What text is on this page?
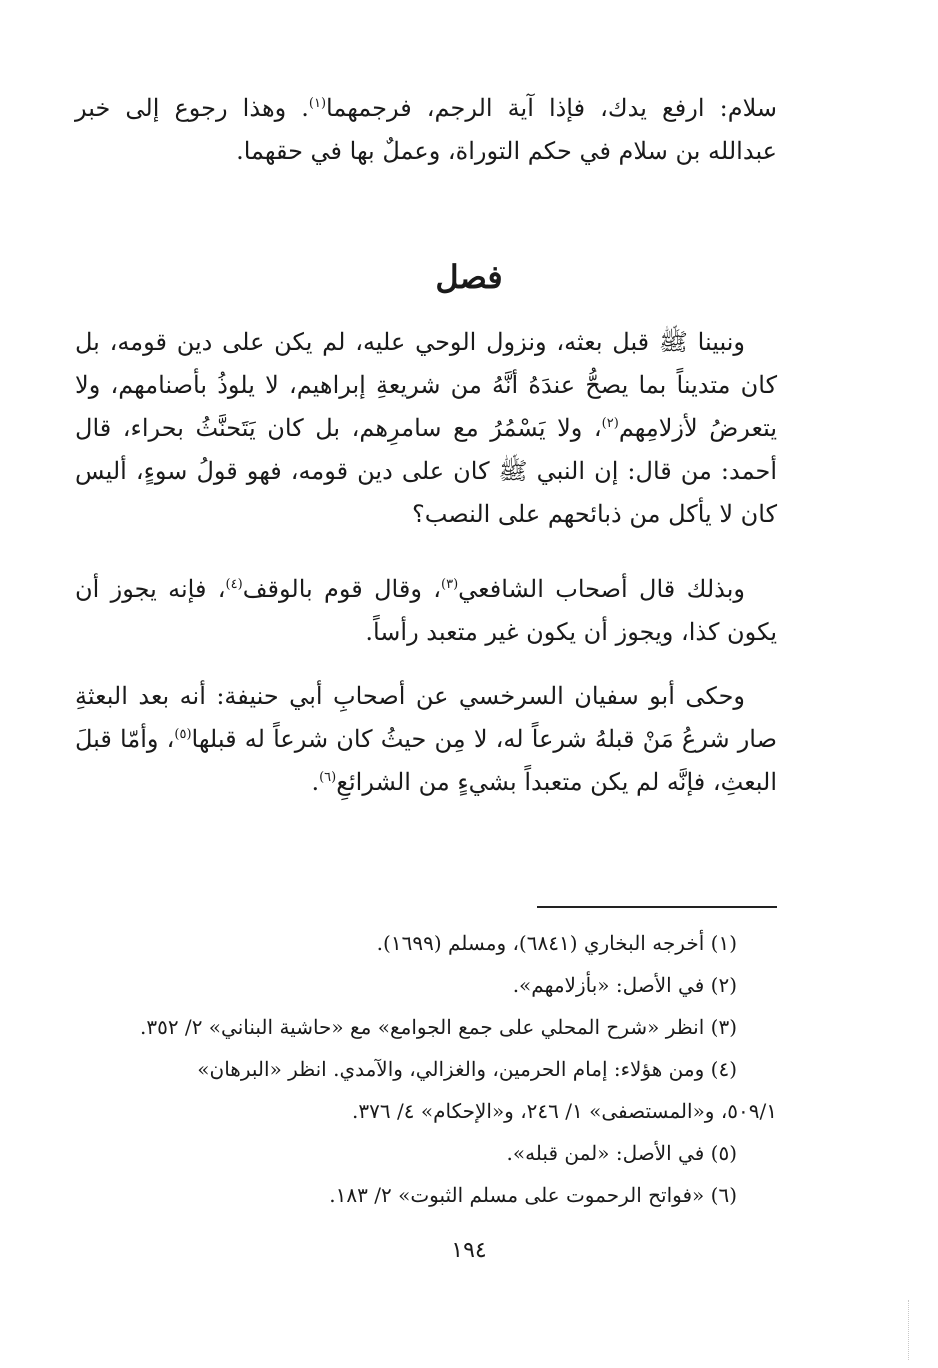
سلام: ارفع يدك، فإذا آية الرجم، فرجمهما$^{(١)}$. وهذا رجوع إلى خبر عبدالله بن سلام في حكم التوراة، وعملٌ بها في حقهما.

فصل

ونبينا ﷺ قبل بعثه، ونزول الوحي عليه، لم يكن على دين قومه، بل كان متديناً بما يصحُّ عندَهُ أنَّهُ من شريعةِ إبراهيم، لا يلوذُ بأصنامهم، ولا يتعرضُ لأزلامِهم$^{(٢)}$، ولا يَسْمُرُ مع سامرِهم، بل كان يَتَحنَّثُ بحراء، قال أحمد: من قال: إن النبي ﷺ كان على دين قومه، فهو قولُ سوءٍ، أليس كان لا يأكل من ذبائحهم على النصب؟

وبذلك قال أصحاب الشافعي$^{(٣)}$، وقال قوم بالوقف$^{(٤)}$، فإنه يجوز أن يكون كذا، ويجوز أن يكون غير متعبد رأساً.

وحكى أبو سفيان السرخسي عن أصحابِ أبي حنيفة: أنه بعد البعثةِ صار شرعُ مَنْ قبلهُ شرعاً له، لا مِن حيثُ كان شرعاً له قبلها$^{(٥)}$، وأمّا قبلَ البعثِ، فإنَّه لم يكن متعبداً بشيءٍ من الشرائعِ$^{(٦)}$.

(١) أخرجه البخاري (٦٨٤١)، ومسلم (١٦٩٩).

(٢) في الأصل: «بأزلامهم».

(٣) انظر «شرح المحلي على جمع الجوامع» مع «حاشية البناني» ٢/ ٣٥٢.

(٤) ومن هؤلاء: إمام الحرمين، والغزالي، والآمدي. انظر «البرهان»

٥٠٩/١، و«المستصفى» ١/ ٢٤٦، و«الإحكام» ٤/ ٣٧٦.

(٥) في الأصل: «لمن قبله».

(٦) «فواتح الرحموت على مسلم الثبوت» ٢/ ١٨٣.

١٩٤
